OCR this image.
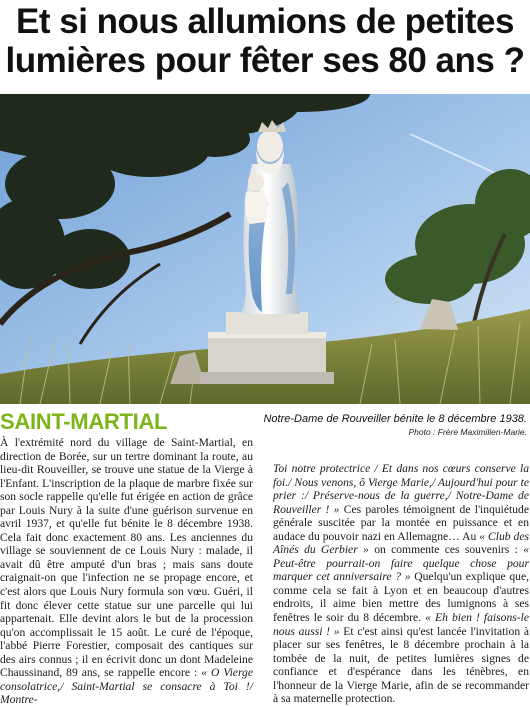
Et si nous allumions de petites
lumières pour fêter ses 80 ans ?
SAINT-MARTIAL	Notre-Dame de Rouveiller bénite le 8 décembre 1938.
Photo : Frère Maximilien-Marie.

À l'extrémité nord du village de Saint-Martial, en direction de Borée, sur un tertre dominant la route, au lieu-dit Rouveiller, se trouve une statue de la Vierge à l'Enfant. L'inscription de la plaque de marbre fixée sur son socle rappelle qu'elle fut érigée en action de grâce par Louis Nury à la suite d'une guérison survenue en avril 1937, et qu'elle fut bénite le 8 décembre 1938. Cela fait donc exactement 80 ans. Les anciennes du village se souviennent de ce Louis Nury : malade, il avait dû être amputé d'un bras ; mais sans doute craignait-on que l'infection ne se propage encore, et c'est alors que Louis Nury formula son vœu. Guéri, il fit donc élever cette statue sur une parcelle qui lui appartenait. Elle devint alors le but de la procession qu'on accomplissait le 15 août. Le curé de l'époque, l'abbé Pierre Forestier, composait des cantiques sur des airs connus ; il en écrivit donc un dont Madeleine Chaussinand, 89 ans, se rappelle encore : « O Vierge consolatrice,/ Saint-Martial se consacre à Toi !/ Montre-

Toi notre protectrice / Et dans nos cœurs conserve la foi./ Nous venons, ô Vierge Marie,/ Aujourd'hui pour te prier :/ Préserve-nous de la guerre,/ Notre-Dame de Rouveiller ! » Ces paroles témoignent de l'inquiétude générale suscitée par la montée en puissance et en audace du pouvoir nazi en Allemagne… Au « Club des Aînés du Gerbier » on commente ces souvenirs : « Peut-être pourrait-on faire quelque chose pour marquer cet anniversaire ? » Quelqu'un explique que, comme cela se fait à Lyon et en beaucoup d'autres endroits, il aime bien mettre des lumignons à ses fenêtres le soir du 8 décembre. « Eh bien ! faisons-le nous aussi ! » Et c'est ainsi qu'est lancée l'invitation à placer sur ses fenêtres, le 8 décembre prochain à la tombée de la nuit, de petites lumières signes de confiance et d'espérance dans les ténèbres, en l'honneur de la Vierge Marie, afin de se recommander à sa maternelle protection.
